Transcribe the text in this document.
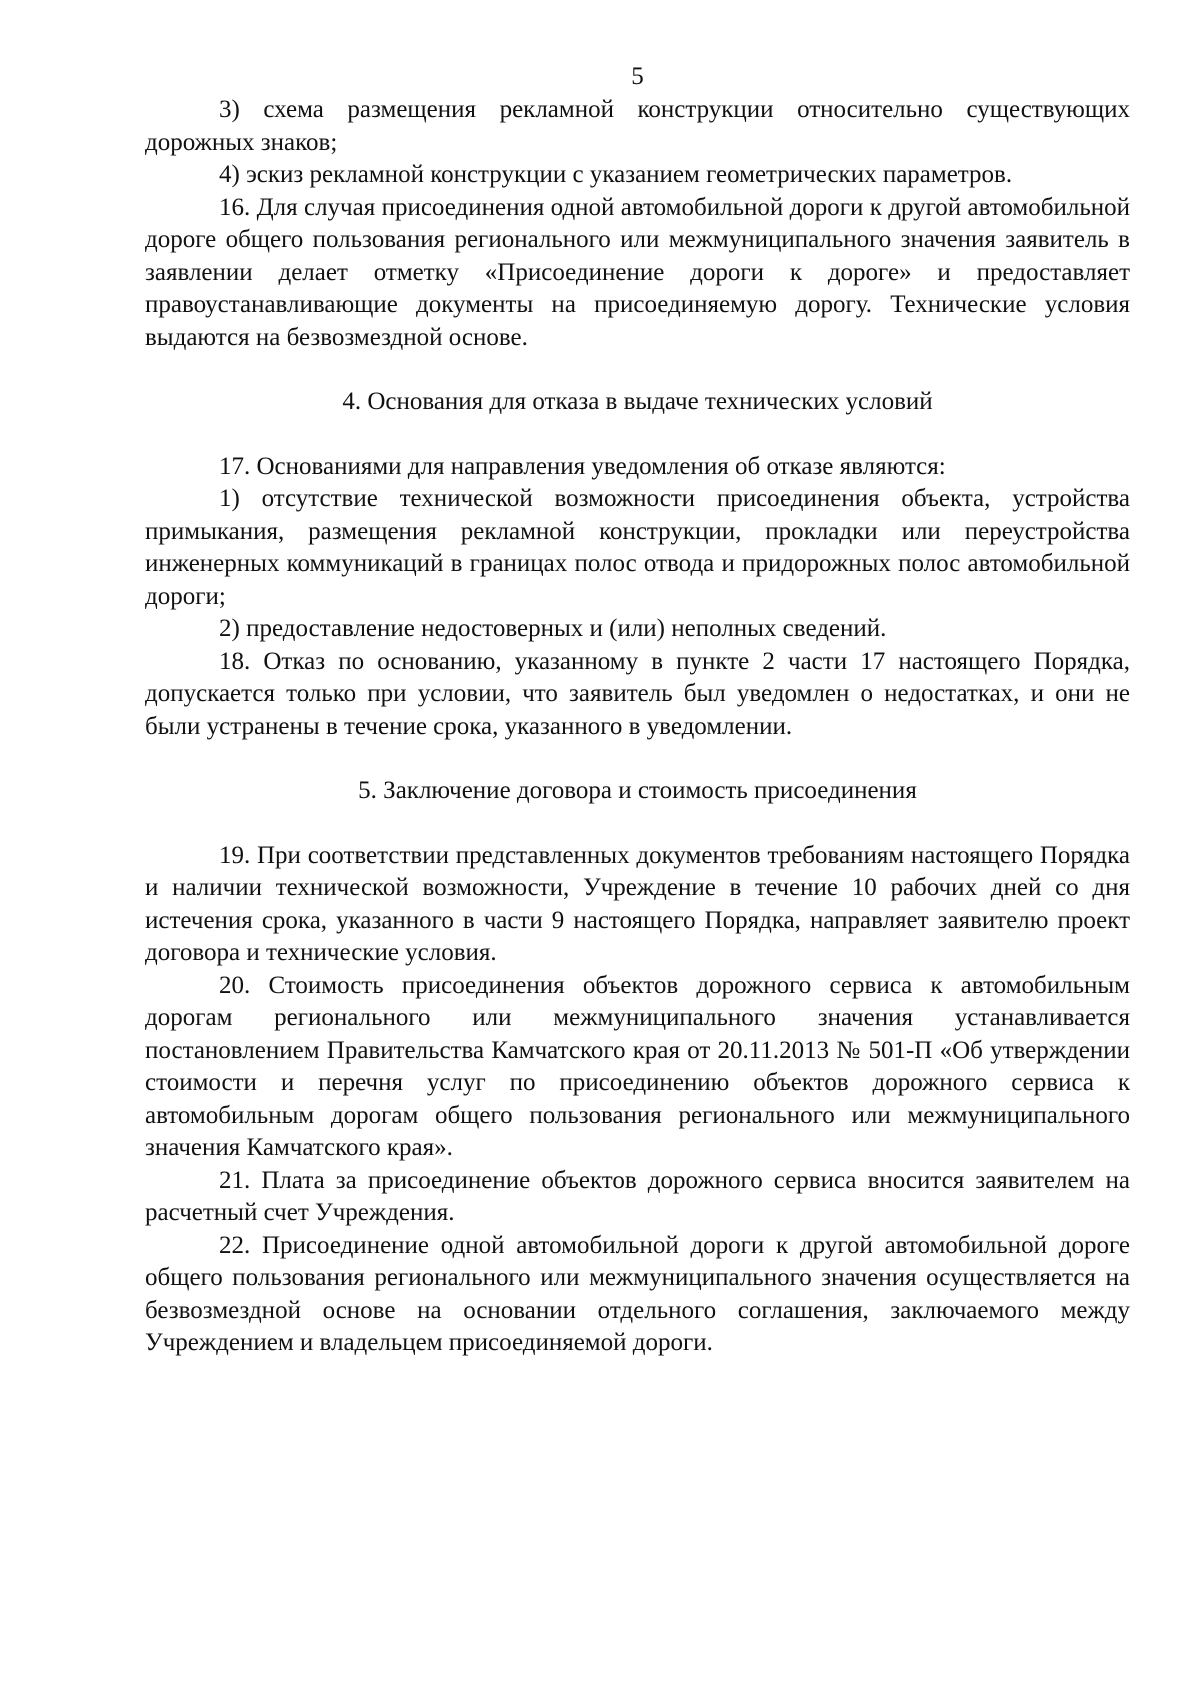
5

3) схема размещения рекламной конструкции относительно существующих дорожных знаков;

4) эскиз рекламной конструкции с указанием геометрических параметров.

16. Для случая присоединения одной автомобильной дороги к другой автомобильной дороге общего пользования регионального или межмуниципального значения заявитель в заявлении делает отметку «Присоединение дороги к дороге» и предоставляет правоустанавливающие документы на присоединяемую дорогу. Технические условия выдаются на безвозмездной основе.

4. Основания для отказа в выдаче технических условий

17. Основаниями для направления уведомления об отказе являются:

1) отсутствие технической возможности присоединения объекта, устройства примыкания, размещения рекламной конструкции, прокладки или переустройства инженерных коммуникаций в границах полос отвода и придорожных полос автомобильной дороги;

2) предоставление недостоверных и (или) неполных сведений.

18. Отказ по основанию, указанному в пункте 2 части 17 настоящего Порядка, допускается только при условии, что заявитель был уведомлен о недостатках, и они не были устранены в течение срока, указанного в уведомлении.

5. Заключение договора и стоимость присоединения

19. При соответствии представленных документов требованиям настоящего Порядка и наличии технической возможности, Учреждение в течение 10 рабочих дней со дня истечения срока, указанного в части 9 настоящего Порядка, направляет заявителю проект договора и технические условия.

20. Стоимость присоединения объектов дорожного сервиса к автомобильным дорогам регионального или межмуниципального значения устанавливается постановлением Правительства Камчатского края от 20.11.2013 № 501-П «Об утверждении стоимости и перечня услуг по присоединению объектов дорожного сервиса к автомобильным дорогам общего пользования регионального или межмуниципального значения Камчатского края».

21. Плата за присоединение объектов дорожного сервиса вносится заявителем на расчетный счет Учреждения.

22. Присоединение одной автомобильной дороги к другой автомобильной дороге общего пользования регионального или межмуниципального значения осуществляется на безвозмездной основе на основании отдельного соглашения, заключаемого между Учреждением и владельцем присоединяемой дороги.
